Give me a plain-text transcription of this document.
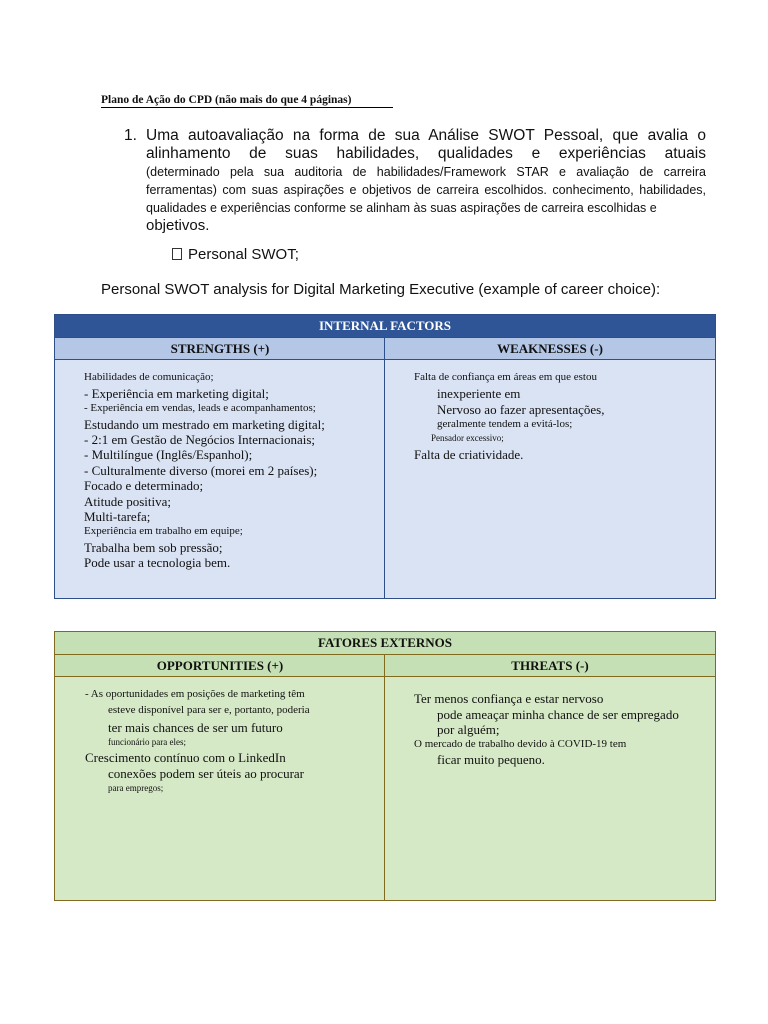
Plano de Ação do CPD (não mais do que 4 páginas)
1. Uma autoavaliação na forma de sua Análise SWOT Pessoal, que avalia o
alinhamento de suas habilidades, qualidades e experiências atuais
(determinado pela sua auditoria de habilidades/Framework STAR e avaliação de carreira ferramentas) com suas aspirações e objetivos de carreira escolhidos. conhecimento, habilidades, qualidades e experiências conforme se alinham às suas aspirações de carreira escolhidas e
objetivos.
Personal SWOT;
Personal SWOT analysis for Digital Marketing Executive (example of career choice):
INTERNAL FACTORS
STRENGTHS (+)	WEAKNESSES (-)
Habilidades de comunicação;
- Experiência em marketing digital;
- Experiência em vendas, leads e acompanhamentos;
Estudando um mestrado em marketing digital;
- 2:1 em Gestão de Negócios Internacionais;
- Multilíngue (Inglês/Espanhol);
- Culturalmente diverso (morei em 2 países);
Focado e determinado;
Atitude positiva;
Multi-tarefa;
Experiência em trabalho em equipe;
Trabalha bem sob pressão;
Pode usar a tecnologia bem.
Falta de confiança em áreas em que estou
inexperiente em
Nervoso ao fazer apresentações,
geralmente tendem a evitá-los;
Pensador excessivo;
Falta de criatividade.
FATORES EXTERNOS
OPPORTUNITIES (+)	THREATS (-)
- As oportunidades em posições de marketing têm
esteve disponível para ser e, portanto, poderia
ter mais chances de ser um futuro
funcionário para eles;
Crescimento contínuo com o LinkedIn
conexões podem ser úteis ao procurar
para empregos;
Ter menos confiança e estar nervoso
pode ameaçar minha chance de ser empregado
por alguém;
O mercado de trabalho devido à COVID-19 tem
ficar muito pequeno.
